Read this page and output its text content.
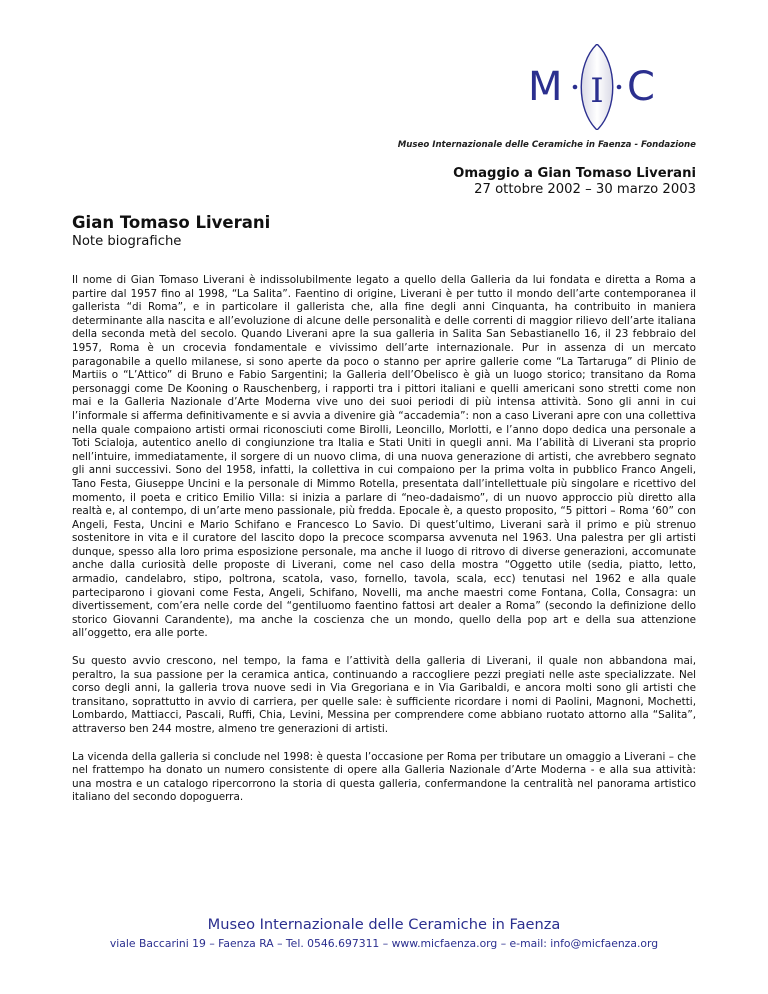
M I C
Museo Internazionale delle Ceramiche in Faenza - Fondazione
Omaggio a Gian Tomaso Liverani
27 ottobre 2002 – 30 marzo 2003
Gian Tomaso Liverani
Note biografiche

Il nome di Gian Tomaso Liverani è indissolubilmente legato a quello della Galleria da lui fondata e diretta a Roma a partire dal 1957 fino al 1998, “La Salita”. Faentino di origine, Liverani è per tutto il mondo dell’arte contemporanea il gallerista “di Roma”, e in particolare il gallerista che, alla fine degli anni Cinquanta, ha contribuito in maniera determinante alla nascita e all’evoluzione di alcune delle personalità e delle correnti di maggior rilievo dell’arte italiana della seconda metà del secolo. Quando Liverani apre la sua galleria in Salita San Sebastianello 16, il 23 febbraio del 1957, Roma è un crocevia fondamentale e vivissimo dell’arte internazionale. Pur in assenza di un mercato paragonabile a quello milanese, si sono aperte da poco o stanno per aprire gallerie come “La Tartaruga” di Plinio de Martiis o “L’Attico” di Bruno e Fabio Sargentini; la Galleria dell’Obelisco è già un luogo storico; transitano da Roma personaggi come De Kooning o Rauschenberg, i rapporti tra i pittori italiani e quelli americani sono stretti come non mai e la Galleria Nazionale d’Arte Moderna vive uno dei suoi periodi di più intensa attività. Sono gli anni in cui l’informale si afferma definitivamente e si avvia a divenire già “accademia”: non a caso Liverani apre con una collettiva nella quale compaiono artisti ormai riconosciuti come Birolli, Leoncillo, Morlotti, e l’anno dopo dedica una personale a Toti Scialoja, autentico anello di congiunzione tra Italia e Stati Uniti in quegli anni. Ma l’abilità di Liverani sta proprio nell’intuire, immediatamente, il sorgere di un nuovo clima, di una nuova generazione di artisti, che avrebbero segnato gli anni successivi. Sono del 1958, infatti, la collettiva in cui compaiono per la prima volta in pubblico Franco Angeli, Tano Festa, Giuseppe Uncini e la personale di Mimmo Rotella, presentata dall’intellettuale più singolare e ricettivo del momento, il poeta e critico Emilio Villa: si inizia a parlare di “neo-dadaismo”, di un nuovo approccio più diretto alla realtà e, al contempo, di un’arte meno passionale, più fredda. Epocale è, a questo proposito, “5 pittori – Roma ‘60” con Angeli, Festa, Uncini e Mario Schifano e Francesco Lo Savio. Di quest’ultimo, Liverani sarà il primo e più strenuo sostenitore in vita e il curatore del lascito dopo la precoce scomparsa avvenuta nel 1963. Una palestra per gli artisti dunque, spesso alla loro prima esposizione personale, ma anche il luogo di ritrovo di diverse generazioni, accomunate anche dalla curiosità delle proposte di Liverani, come nel caso della mostra “Oggetto utile (sedia, piatto, letto, armadio, candelabro, stipo, poltrona, scatola, vaso, fornello, tavola, scala, ecc) tenutasi nel 1962 e alla quale parteciparono i giovani come Festa, Angeli, Schifano, Novelli, ma anche maestri come Fontana, Colla, Consagra: un divertissement, com’era nelle corde del “gentiluomo faentino fattosi art dealer a Roma” (secondo la definizione dello storico Giovanni Carandente), ma anche la coscienza che un mondo, quello della pop art e della sua attenzione all’oggetto, era alle porte.

Su questo avvio crescono, nel tempo, la fama e l’attività della galleria di Liverani, il quale non abbandona mai, peraltro, la sua passione per la ceramica antica, continuando a raccogliere pezzi pregiati nelle aste specializzate. Nel corso degli anni, la galleria trova nuove sedi in Via Gregoriana e in Via Garibaldi, e ancora molti sono gli artisti che transitano, soprattutto in avvio di carriera, per quelle sale: è sufficiente ricordare i nomi di Paolini, Magnoni, Mochetti, Lombardo, Mattiacci, Pascali, Ruffi, Chia, Levini, Messina per comprendere come abbiano ruotato attorno alla “Salita”, attraverso ben 244 mostre, almeno tre generazioni di artisti.

La vicenda della galleria si conclude nel 1998: è questa l’occasione per Roma per tributare un omaggio a Liverani – che nel frattempo ha donato un numero consistente di opere alla Galleria Nazionale d’Arte Moderna - e alla sua attività: una mostra e un catalogo ripercorrono la storia di questa galleria, confermandone la centralità nel panorama artistico italiano del secondo dopoguerra.

Museo Internazionale delle Ceramiche in Faenza
viale Baccarini 19 – Faenza RA – Tel. 0546.697311 – www.micfaenza.org – e-mail: info@micfaenza.org
